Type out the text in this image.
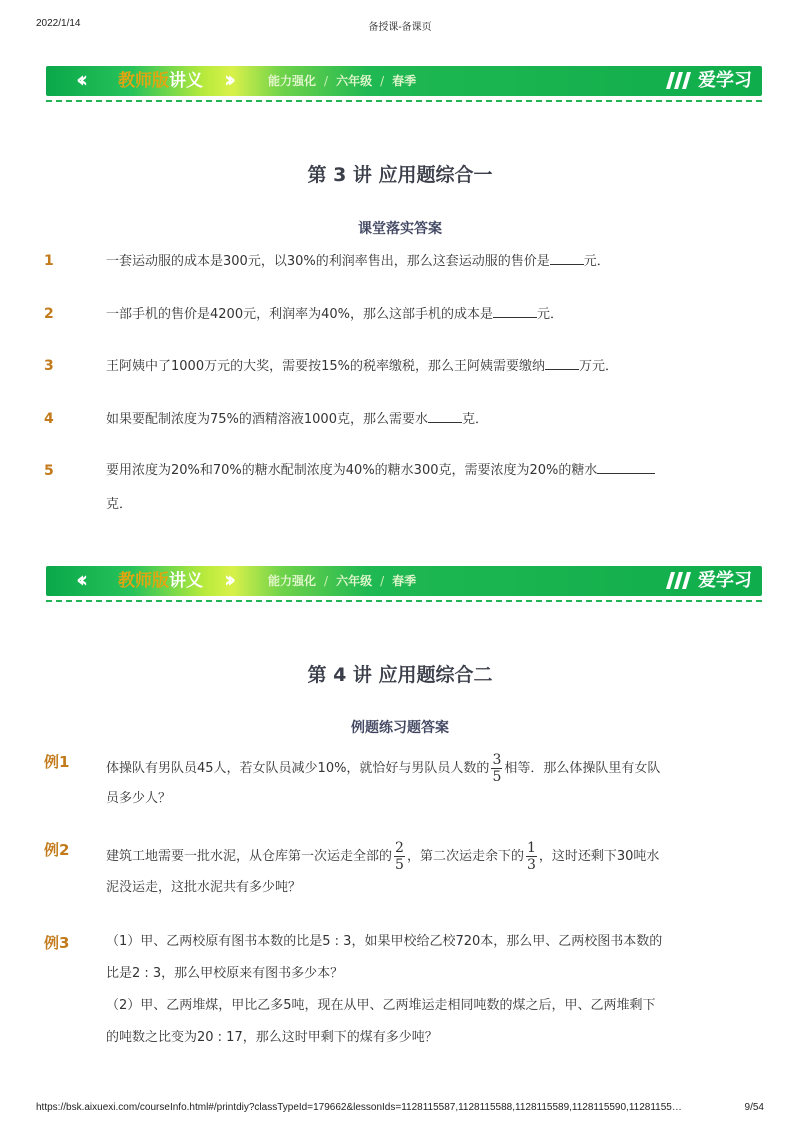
2022/1/14	备授课-备课页
‹‹ 教师版讲义 ››	能力强化 / 六年级 / 春季	爱学习
第 3 讲 应用题综合一
课堂落实答案
1	一套运动服的成本是300元，以30%的利润率售出，那么这套运动服的售价是	元．
2	一部手机的售价是4200元，利润率为40%，那么这部手机的成本是	元．
3	王阿姨中了1000万元的大奖，需要按15%的税率缴税，那么王阿姨需要缴纳	万元．
4	如果要配制浓度为75%的酒精溶液1000克，那么需要水	克．
5	要用浓度为20%和70%的糖水配制浓度为40%的糖水300克，需要浓度为20%的糖水
克．
‹‹ 教师版讲义 ››	能力强化 / 六年级 / 春季	爱学习
第 4 讲 应用题综合二
例题练习题答案
例1	体操队有男队员45人，若女队员减少10%，就恰好与男队员人数的 $\frac{3}{5}$ 相等．那么体操队里有女队
员多少人？
例2	建筑工地需要一批水泥，从仓库第一次运走全部的 $\frac{2}{5}$ ，第二次运走余下的 $\frac{1}{3}$ ，这时还剩下30吨水
泥没运走，这批水泥共有多少吨？
例3	（1）甲、乙两校原有图书本数的比是5 : 3，如果甲校给乙校720本，那么甲、乙两校图书本数的
比是2 : 3，那么甲校原来有图书多少本？
（2）甲、乙两堆煤，甲比乙多5吨，现在从甲、乙两堆运走相同吨数的煤之后，甲、乙两堆剩下
的吨数之比变为20 : 17，那么这时甲剩下的煤有多少吨？
https://bsk.aixuexi.com/courseInfo.html#/printdiy?classTypeId=179662&lessonIds=1128115587,1128115588,1128115589,1128115590,11281155…	9/54
